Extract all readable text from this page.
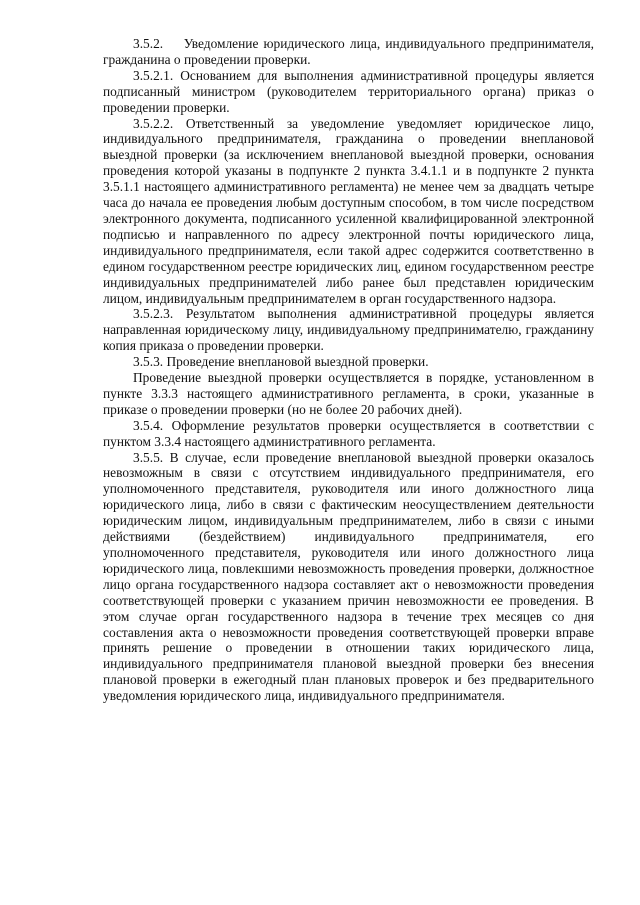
3.5.2.    Уведомление юридического лица, индивидуального предпринимателя, гражданина о проведении проверки.

3.5.2.1. Основанием для выполнения административной процедуры является подписанный министром (руководителем территориального органа) приказ о проведении проверки.

3.5.2.2. Ответственный за уведомление уведомляет юридическое лицо, индивидуального предпринимателя, гражданина о проведении внеплановой выездной проверки (за исключением внеплановой выездной проверки, основания проведения которой указаны в подпункте 2 пункта 3.4.1.1 и в подпункте 2 пункта 3.5.1.1 настоящего административного регламента) не менее чем за двадцать четыре часа до начала ее проведения любым доступным способом, в том числе посредством электронного документа, подписанного усиленной квалифицированной электронной подписью и направленного по адресу электронной почты юридического лица, индивидуального предпринимателя, если такой адрес содержится соответственно в едином государственном реестре юридических лиц, едином государственном реестре индивидуальных предпринимателей либо ранее был представлен юридическим лицом, индивидуальным предпринимателем в орган государственного надзора.

3.5.2.3. Результатом выполнения административной процедуры является направленная юридическому лицу, индивидуальному предпринимателю, гражданину копия приказа о проведении проверки.

3.5.3. Проведение внеплановой выездной проверки.

Проведение выездной проверки осуществляется в порядке, установленном в пункте 3.3.3 настоящего административного регламента, в сроки, указанные в приказе о проведении проверки (но не более 20 рабочих дней).

3.5.4. Оформление результатов проверки осуществляется в соответствии с пунктом 3.3.4 настоящего административного регламента.

3.5.5. В случае, если проведение внеплановой выездной проверки оказалось невозможным в связи с отсутствием индивидуального предпринимателя, его уполномоченного представителя, руководителя или иного должностного лица юридического лица, либо в связи с фактическим неосуществлением деятельности юридическим лицом, индивидуальным предпринимателем, либо в связи с иными действиями (бездействием) индивидуального предпринимателя, его уполномоченного представителя, руководителя или иного должностного лица юридического лица, повлекшими невозможность проведения проверки, должностное лицо органа государственного надзора составляет акт о невозможности проведения соответствующей проверки с указанием причин невозможности ее проведения. В этом случае орган государственного надзора в течение трех месяцев со дня составления акта о невозможности проведения соответствующей проверки вправе принять решение о проведении в отношении таких юридического лица, индивидуального предпринимателя плановой выездной проверки без внесения плановой проверки в ежегодный план плановых проверок и без предварительного уведомления юридического лица, индивидуального предпринимателя.
